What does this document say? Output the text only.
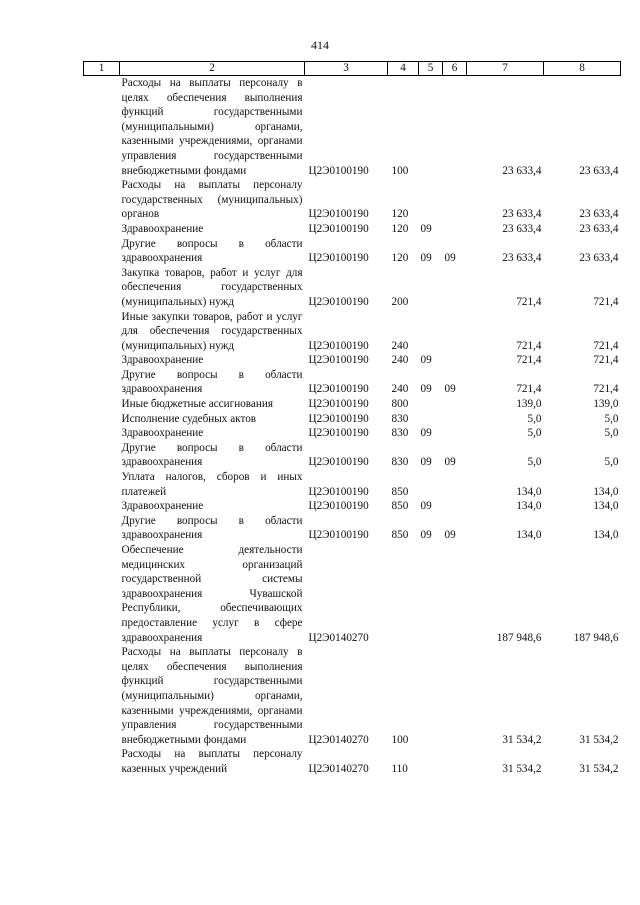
414
1	2	3	4	5	6	7	8
	Расходы на выплаты персоналу в целях обеспечения выполнения функций государственными (муниципальными) органами, казенными учреждениями, органами управления государственными внебюджетными фондами	Ц2Э0100190	100			23 633,4	23 633,4
	Расходы на выплаты персоналу государственных (муниципальных) органов	Ц2Э0100190	120			23 633,4	23 633,4
	Здравоохранение	Ц2Э0100190	120	09		23 633,4	23 633,4
	Другие вопросы в области здравоохранения	Ц2Э0100190	120	09	09	23 633,4	23 633,4
	Закупка товаров, работ и услуг для обеспечения государственных (муниципальных) нужд	Ц2Э0100190	200			721,4	721,4
	Иные закупки товаров, работ и услуг для обеспечения государственных (муниципальных) нужд	Ц2Э0100190	240			721,4	721,4
	Здравоохранение	Ц2Э0100190	240	09		721,4	721,4
	Другие вопросы в области здравоохранения	Ц2Э0100190	240	09	09	721,4	721,4
	Иные бюджетные ассигнования	Ц2Э0100190	800			139,0	139,0
	Исполнение судебных актов	Ц2Э0100190	830			5,0	5,0
	Здравоохранение	Ц2Э0100190	830	09		5,0	5,0
	Другие вопросы в области здравоохранения	Ц2Э0100190	830	09	09	5,0	5,0
	Уплата налогов, сборов и иных платежей	Ц2Э0100190	850			134,0	134,0
	Здравоохранение	Ц2Э0100190	850	09		134,0	134,0
	Другие вопросы в области здравоохранения	Ц2Э0100190	850	09	09	134,0	134,0
	Обеспечение деятельности медицинских организаций государственной системы здравоохранения Чувашской Республики, обеспечивающих предоставление услуг в сфере здравоохранения	Ц2Э0140270				187 948,6	187 948,6
	Расходы на выплаты персоналу в целях обеспечения выполнения функций государственными (муниципальными) органами, казенными учреждениями, органами управления государственными внебюджетными фондами	Ц2Э0140270	100			31 534,2	31 534,2
	Расходы на выплаты персоналу казенных учреждений	Ц2Э0140270	110			31 534,2	31 534,2
